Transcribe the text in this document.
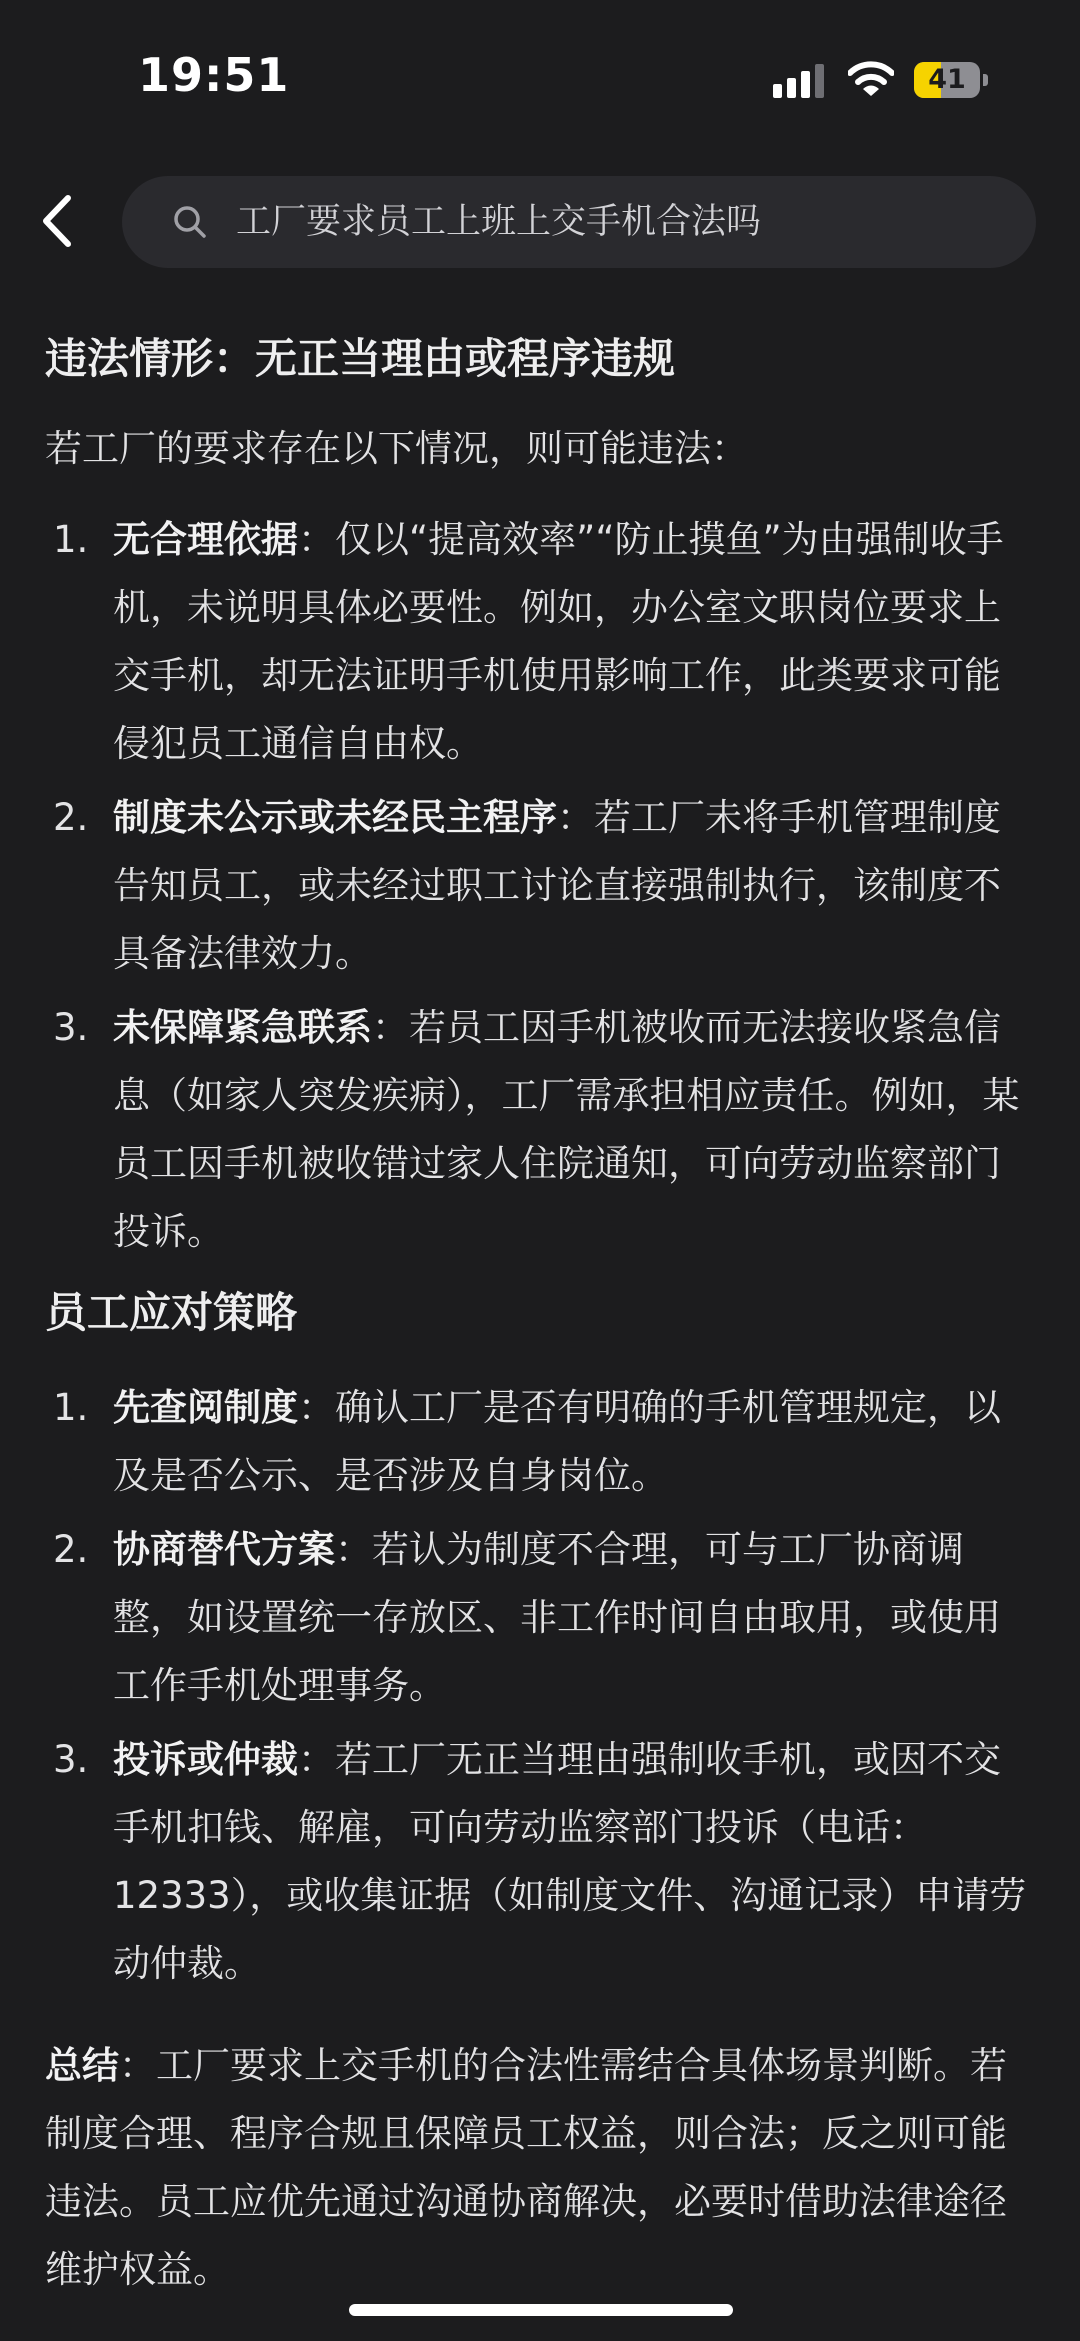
19:51	41
工厂要求员工上班上交手机合法吗
违法情形：无正当理由或程序违规

若工厂的要求存在以下情况，则可能违法：

1. 无合理依据：仅以“提高效率”“防止摸鱼”为由强制收手机，未说明具体必要性。例如，办公室文职岗位要求上交手机，却无法证明手机使用影响工作，此类要求可能侵犯员工通信自由权。
2. 制度未公示或未经民主程序：若工厂未将手机管理制度告知员工，或未经过职工讨论直接强制执行，该制度不具备法律效力。
3. 未保障紧急联系：若员工因手机被收而无法接收紧急信息（如家人突发疾病），工厂需承担相应责任。例如，某员工因手机被收错过家人住院通知，可向劳动监察部门投诉。
员工应对策略
1. 先查阅制度：确认工厂是否有明确的手机管理规定，以及是否公示、是否涉及自身岗位。
2. 协商替代方案：若认为制度不合理，可与工厂协商调整，如设置统一存放区、非工作时间自由取用，或使用工作手机处理事务。
3. 投诉或仲裁：若工厂无正当理由强制收手机，或因不交手机扣钱、解雇，可向劳动监察部门投诉（电话：12333），或收集证据（如制度文件、沟通记录）申请劳动仲裁。

总结：工厂要求上交手机的合法性需结合具体场景判断。若制度合理、程序合规且保障员工权益，则合法；反之则可能违法。员工应优先通过沟通协商解决，必要时借助法律途径维护权益。
